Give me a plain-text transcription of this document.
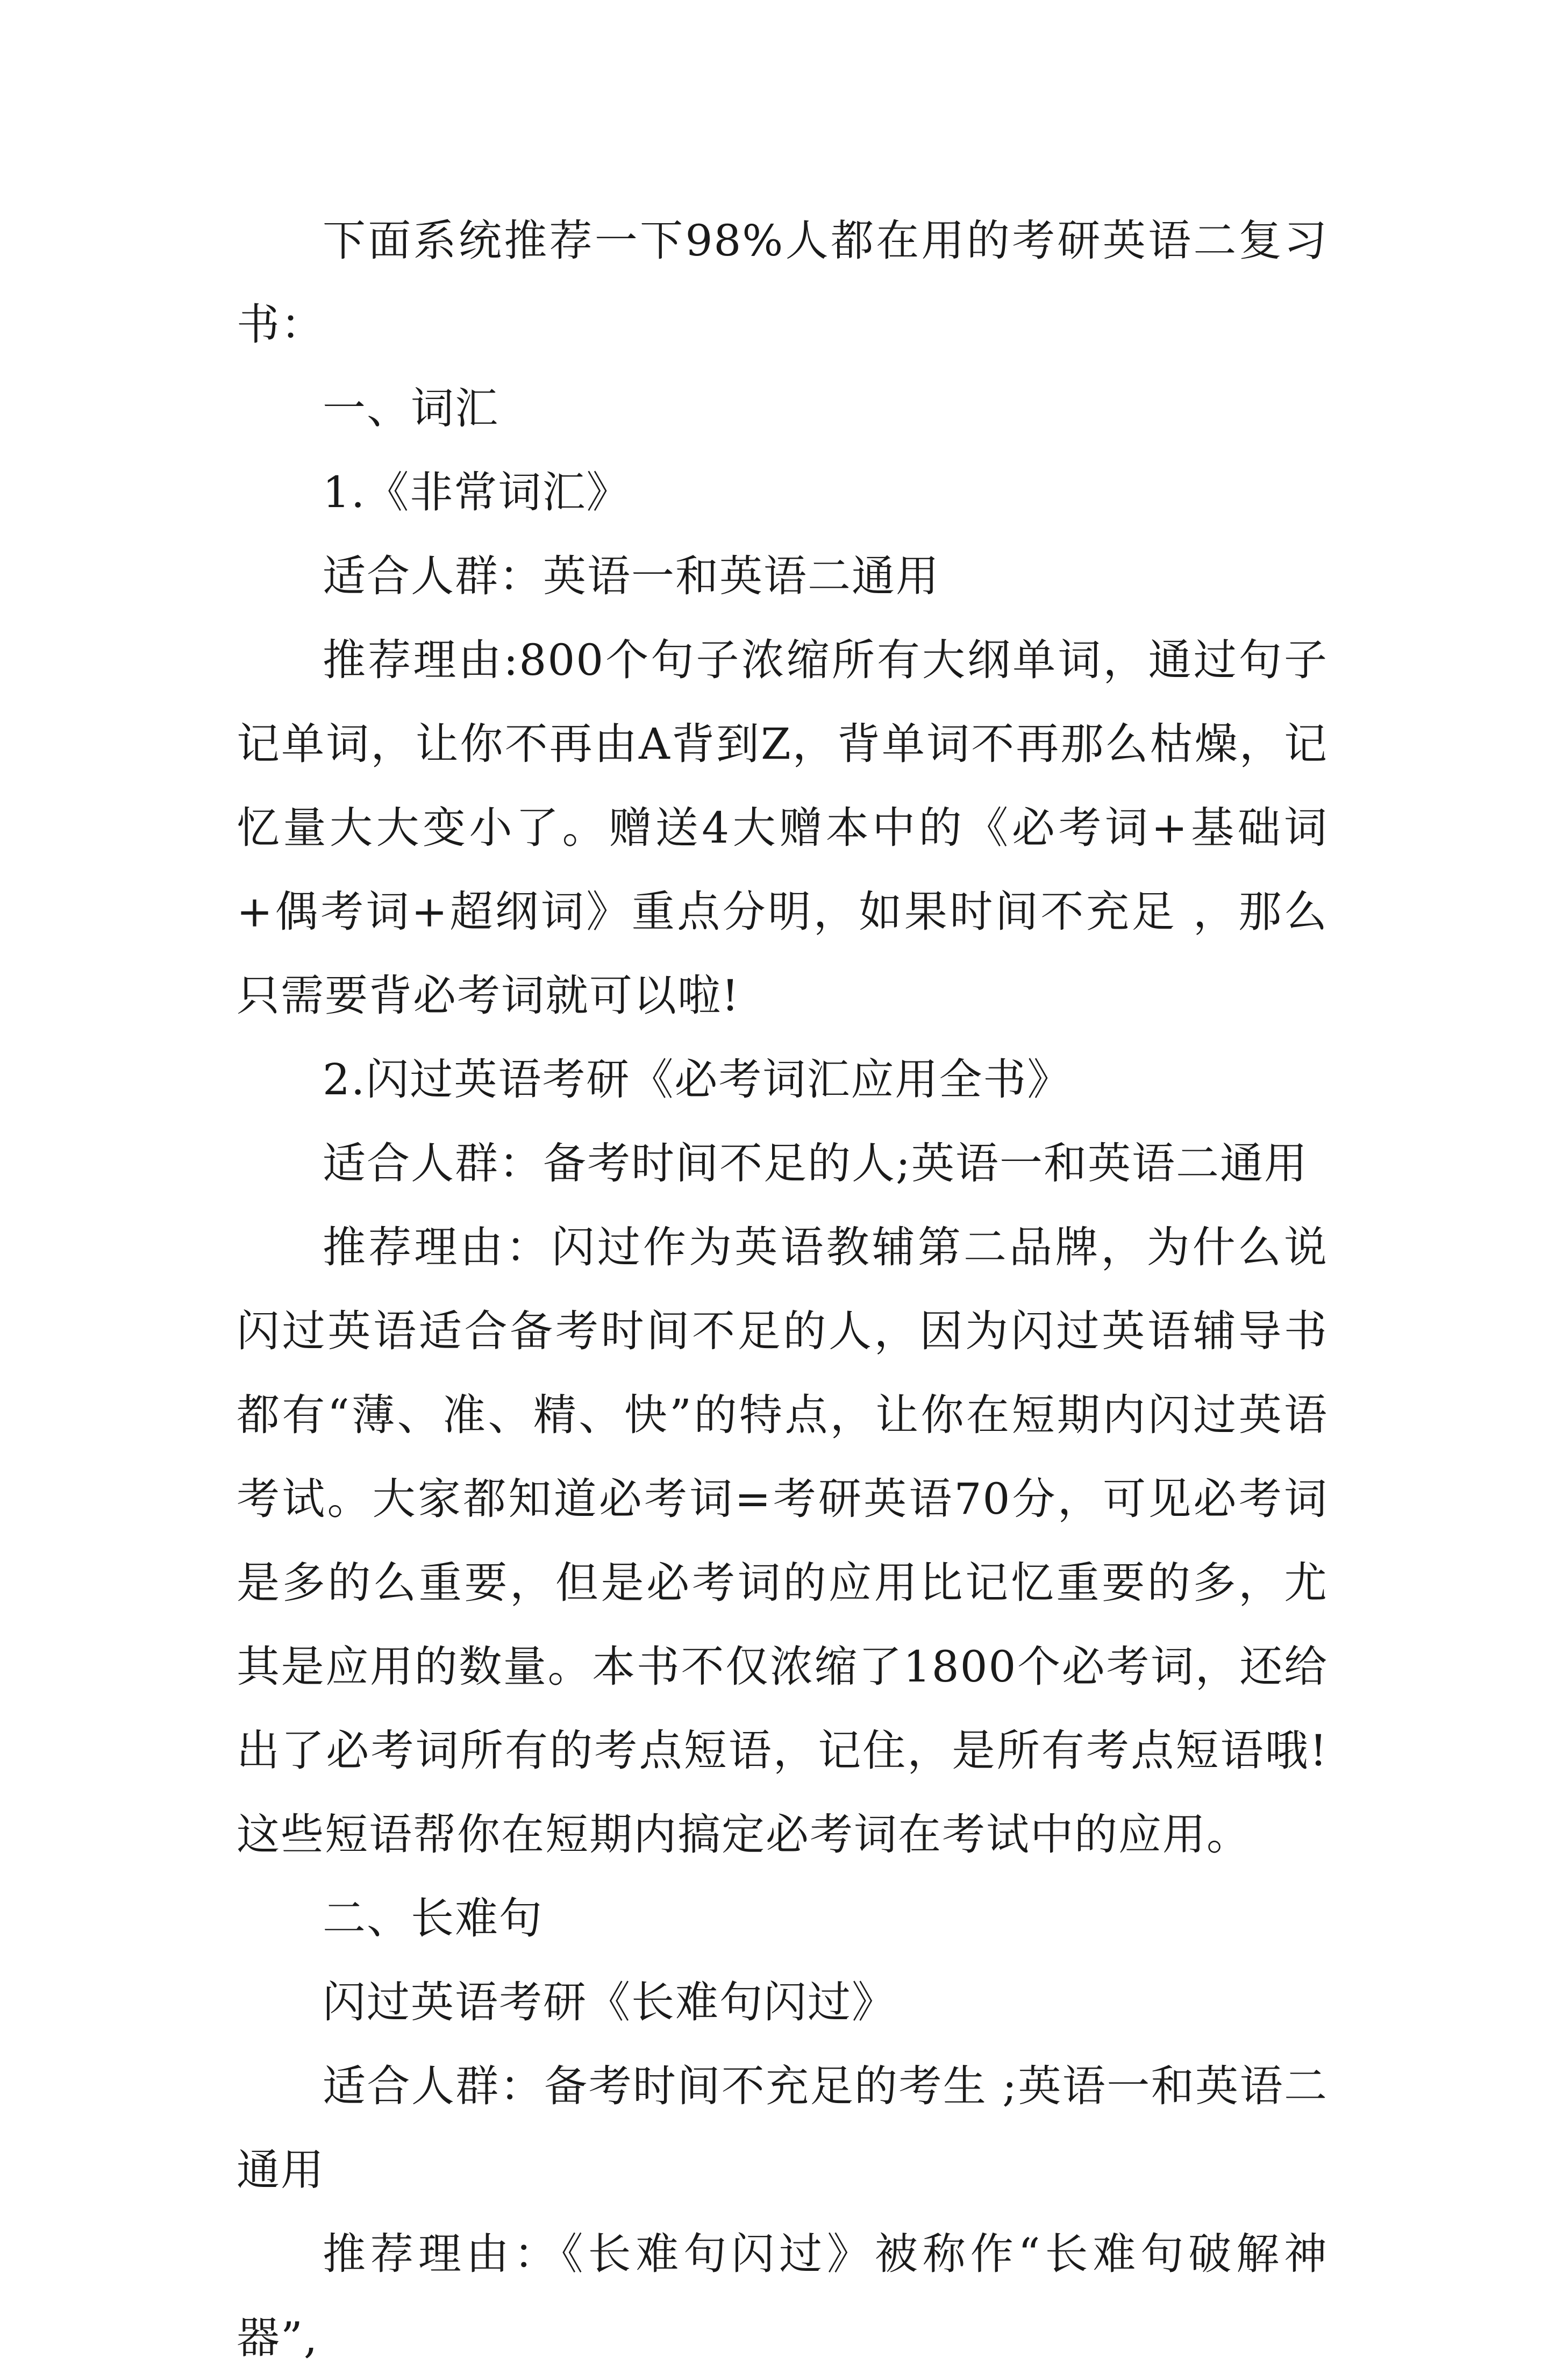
下面系统推荐一下98%人都在用的考研英语二复习书：

一、词汇

1.《非常词汇》

适合人群：英语一和英语二通用

推荐理由:800个句子浓缩所有大纲单词，通过句子记单词，让你不再由A背到Z，背单词不再那么枯燥，记忆量大大变小了。赠送4大赠本中的《必考词+基础词+偶考词+超纲词》重点分明，如果时间不充足 ，那么只需要背必考词就可以啦!

2.闪过英语考研《必考词汇应用全书》

适合人群：备考时间不足的人;英语一和英语二通用

推荐理由：闪过作为英语教辅第二品牌，为什么说闪过英语适合备考时间不足的人，因为闪过英语辅导书都有“薄、准、精、快”的特点，让你在短期内闪过英语考试。大家都知道必考词=考研英语70分，可见必考词是多的么重要，但是必考词的应用比记忆重要的多，尤其是应用的数量。本书不仅浓缩了1800个必考词，还给出了必考词所有的考点短语，记住，是所有考点短语哦!这些短语帮你在短期内搞定必考词在考试中的应用。

二、长难句

闪过英语考研《长难句闪过》

适合人群：备考时间不充足的考生 ;英语一和英语二通用

推荐理由：《长难句闪过》被称作“长难句破解神器”,
